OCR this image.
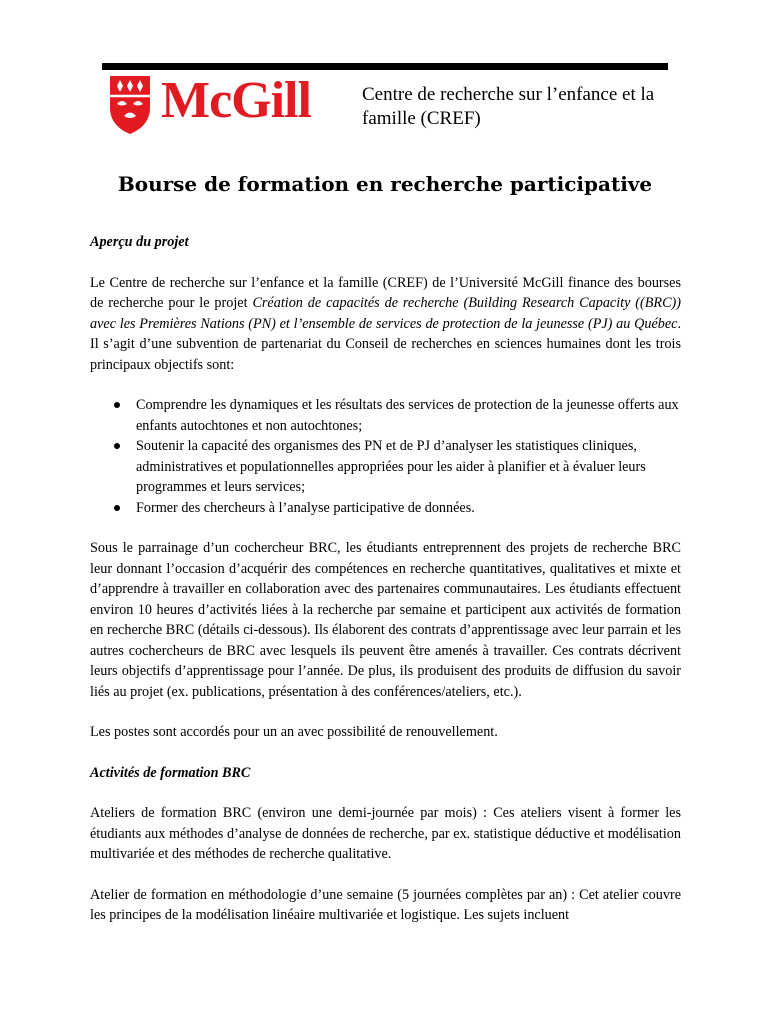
McGill	Centre de recherche sur l’enfance et la famille (CREF)
Bourse de formation en recherche participative

Aperçu du projet

Le Centre de recherche sur l’enfance et la famille (CREF) de l’Université McGill finance des bourses de recherche pour le projet Création de capacités de recherche (Building Research Capacity ((BRC)) avec les Premières Nations (PN) et l’ensemble de services de protection de la jeunesse (PJ) au Québec. Il s’agit d’une subvention de partenariat du Conseil de recherches en sciences humaines dont les trois principaux objectifs sont:

Comprendre les dynamiques et les résultats des services de protection de la jeunesse offerts aux enfants autochtones et non autochtones;
Soutenir la capacité des organismes des PN et de PJ d’analyser les statistiques cliniques, administratives et populationnelles appropriées pour les aider à planifier et à évaluer leurs programmes et leurs services;
Former des chercheurs à l’analyse participative de données.

Sous le parrainage d’un cochercheur BRC, les étudiants entreprennent des projets de recherche BRC leur donnant l’occasion d’acquérir des compétences en recherche quantitatives, qualitatives et mixte et d’apprendre à travailler en collaboration avec des partenaires communautaires. Les étudiants effectuent environ 10 heures d’activités liées à la recherche par semaine et participent aux activités de formation en recherche BRC (détails ci-dessous). Ils élaborent des contrats d’apprentissage avec leur parrain et les autres cochercheurs de BRC avec lesquels ils peuvent être amenés à travailler. Ces contrats décrivent leurs objectifs d’apprentissage pour l’année. De plus, ils produisent des produits de diffusion du savoir liés au projet (ex. publications, présentation à des conférences/ateliers, etc.).

Les postes sont accordés pour un an avec possibilité de renouvellement.

Activités de formation BRC

Ateliers de formation BRC (environ une demi-journée par mois) : Ces ateliers visent à former les étudiants aux méthodes d’analyse de données de recherche, par ex. statistique déductive et modélisation multivariée et des méthodes de recherche qualitative.

Atelier de formation en méthodologie d’une semaine (5 journées complètes par an) : Cet atelier couvre les principes de la modélisation linéaire multivariée et logistique. Les sujets incluent
